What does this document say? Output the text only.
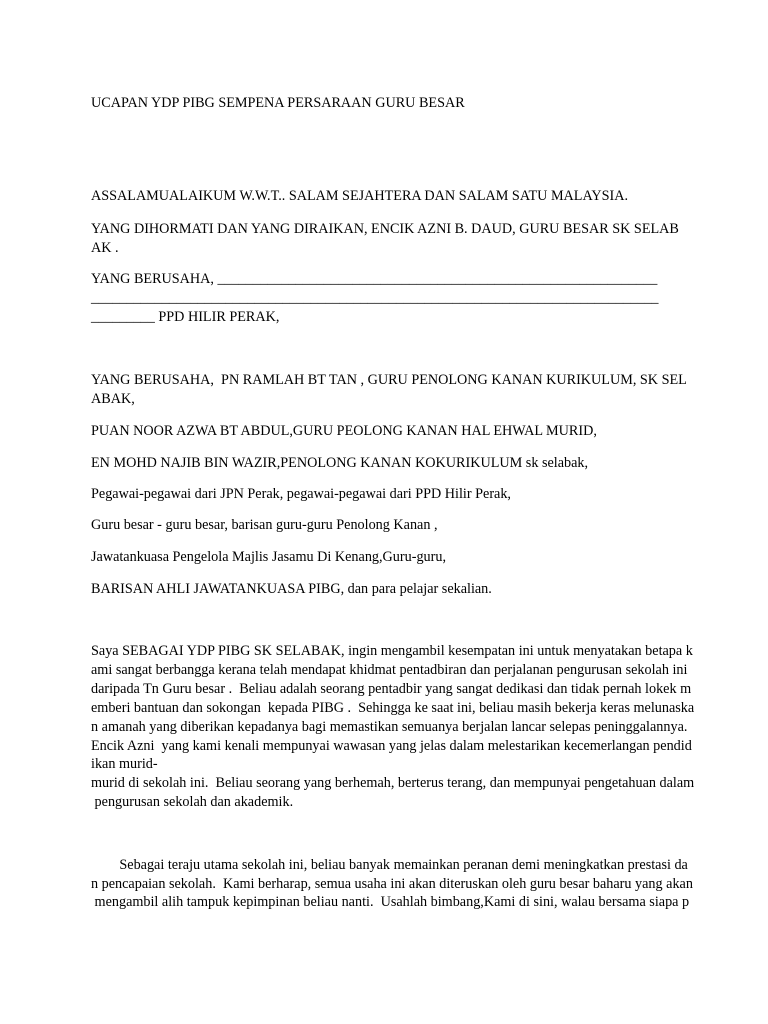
UCAPAN YDP PIBG SEMPENA PERSARAAN GURU BESAR
ASSALAMUALAIKUM W.W.T.. SALAM SEJAHTERA DAN SALAM SATU MALAYSIA.
YANG DIHORMATI DAN YANG DIRAIKAN, ENCIK AZNI B. DAUD, GURU BESAR SK SELAB
AK .
YANG BERUSAHA, ______________________________________________________________
________________________________________________________________________________
_________ PPD HILIR PERAK,
YANG BERUSAHA,  PN RAMLAH BT TAN , GURU PENOLONG KANAN KURIKULUM, SK SEL
ABAK,
PUAN NOOR AZWA BT ABDUL,GURU PEOLONG KANAN HAL EHWAL MURID,
EN MOHD NAJIB BIN WAZIR,PENOLONG KANAN KOKURIKULUM sk selabak,
Pegawai-pegawai dari JPN Perak, pegawai-pegawai dari PPD Hilir Perak,
Guru besar - guru besar, barisan guru-guru Penolong Kanan ,
Jawatankuasa Pengelola Majlis Jasamu Di Kenang,Guru-guru,
BARISAN AHLI JAWATANKUASA PIBG, dan para pelajar sekalian.
Saya SEBAGAI YDP PIBG SK SELABAK, ingin mengambil kesempatan ini untuk menyatakan betapa k
ami sangat berbangga kerana telah mendapat khidmat pentadbiran dan perjalanan pengurusan sekolah ini
daripada Tn Guru besar .  Beliau adalah seorang pentadbir yang sangat dedikasi dan tidak pernah lokek m
emberi bantuan dan sokongan  kepada PIBG .  Sehingga ke saat ini, beliau masih bekerja keras melunaska
n amanah yang diberikan kepadanya bagi memastikan semuanya berjalan lancar selepas peninggalannya.
Encik Azni  yang kami kenali mempunyai wawasan yang jelas dalam melestarikan kecemerlangan pendid
ikan murid-
murid di sekolah ini.  Beliau seorang yang berhemah, berterus terang, dan mempunyai pengetahuan dalam
pengurusan sekolah dan akademik.
Sebagai teraju utama sekolah ini, beliau banyak memainkan peranan demi meningkatkan prestasi da
n pencapaian sekolah.  Kami berharap, semua usaha ini akan diteruskan oleh guru besar baharu yang akan
mengambil alih tampuk kepimpinan beliau nanti.  Usahlah bimbang,Kami di sini, walau bersama siapa p
